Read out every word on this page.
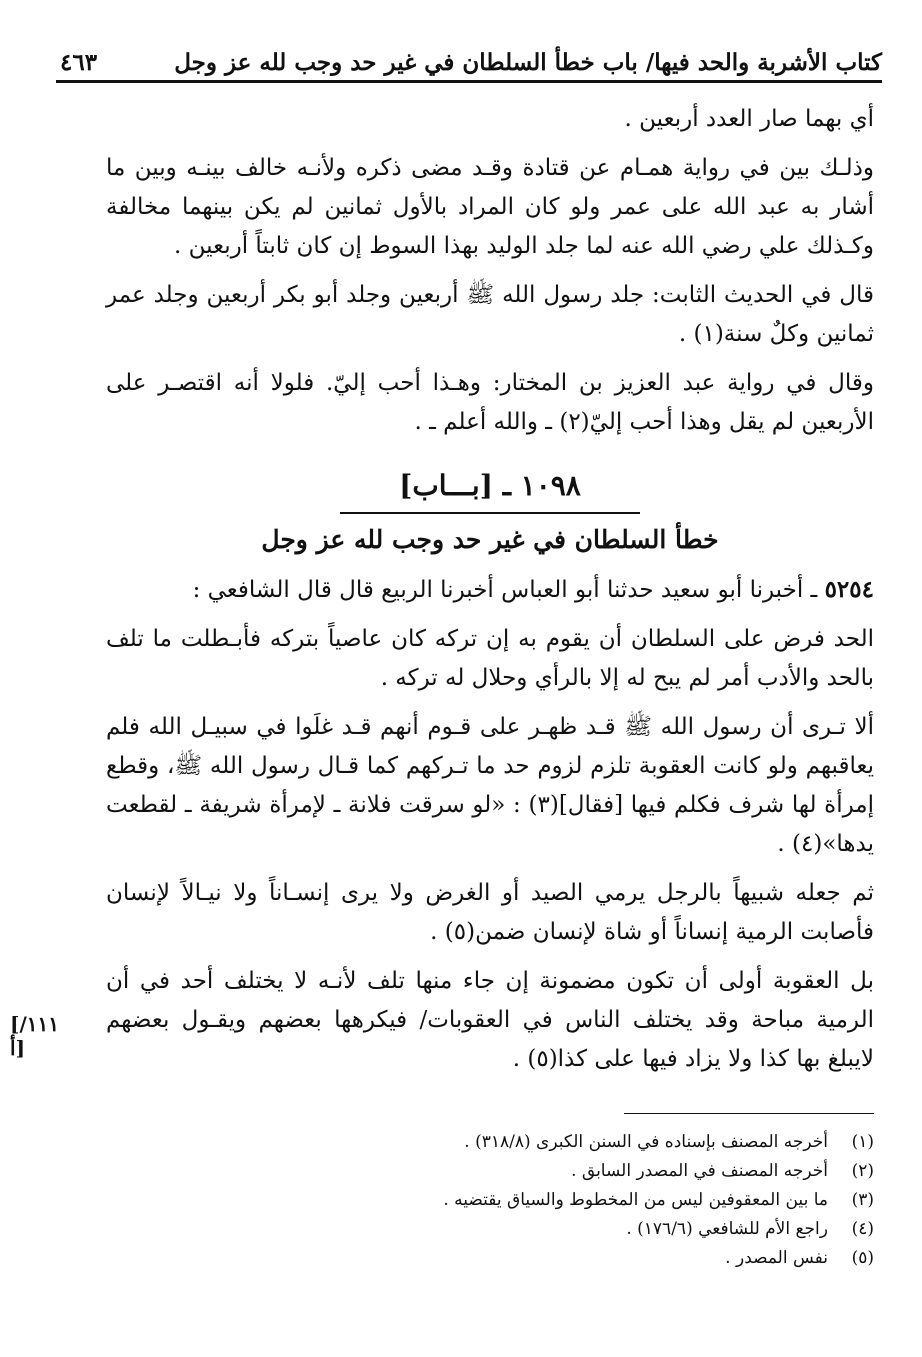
كتاب الأشربة والحد فيها/ باب خطأ السلطان في غير حد وجب لله عز وجل
٤٦٣

أي بهما صار العدد أربعين .

وذلـك بين في رواية همـام عن قتادة وقـد مضى ذكره ولأنـه خالف بينـه وبين ما أشار به عبد الله على عمر ولو كان المراد بالأول ثمانين لم يكن بينهما مخالفة وكـذلك علي رضي الله عنه لما جلد الوليد بهذا السوط إن كان ثابتاً أربعين .

قال في الحديث الثابت: جلد رسول الله ﷺ أربعين وجلد أبو بكر أربعين وجلد عمر ثمانين وكلٌ سنة(١) .

وقال في رواية عبد العزيز بن المختار: وهـذا أحب إليّ. فلولا أنه اقتصـر على الأربعين لم يقل وهذا أحب إليّ(٢) ـ والله أعلم ـ .

١٠٩٨ ـ [بـــاب]
خطأ السلطان في غير حد وجب لله عز وجل

٥٢٥٤ ـ أخبرنا أبو سعيد حدثنا أبو العباس أخبرنا الربيع قال قال الشافعي :

الحد فرض على السلطان أن يقوم به إن تركه كان عاصياً بتركه فأبـطلت ما تلف بالحد والأدب أمر لم يبح له إلا بالرأي وحلال له تركه .

ألا تـرى أن رسول الله ﷺ قـد ظهـر على قـوم أنهم قـد غلَوا في سبيـل الله فلم يعاقبهم ولو كانت العقوبة تلزم لزوم حد ما تـركهم كما قـال رسول الله ﷺ، وقطع إمرأة لها شرف فكلم فيها [فقال](٣) : «لو سرقت فلانة ـ لإمرأة شريفة ـ لقطعت يدها»(٤) .

ثم جعله شبيهاً بالرجل يرمي الصيد أو الغرض ولا يرى إنسـاناً ولا نيـالاً لإنسان فأصابت الرمية إنساناً أو شاة لإنسان ضمن(٥) .

بل العقوبة أولى أن تكون مضمونة إن جاء منها تلف لأنـه لا يختلف أحد في أن الرمية مباحة وقد يختلف الناس في العقوبات/ فيكرهها بعضهم ويقـول بعضهم لايبلغ بها كذا ولا يزاد فيها على كذا(٥) .

[١١١/ أ]
(١)
أخرجه المصنف بإسناده في السنن الكبرى (٣١٨/٨) .
(٢)
أخرجه المصنف في المصدر السابق .
(٣)
ما بين المعقوفين ليس من المخطوط والسياق يقتضيه .
(٤)
راجع الأم للشافعي (١٧٦/٦) .
(٥)
نفس المصدر .
